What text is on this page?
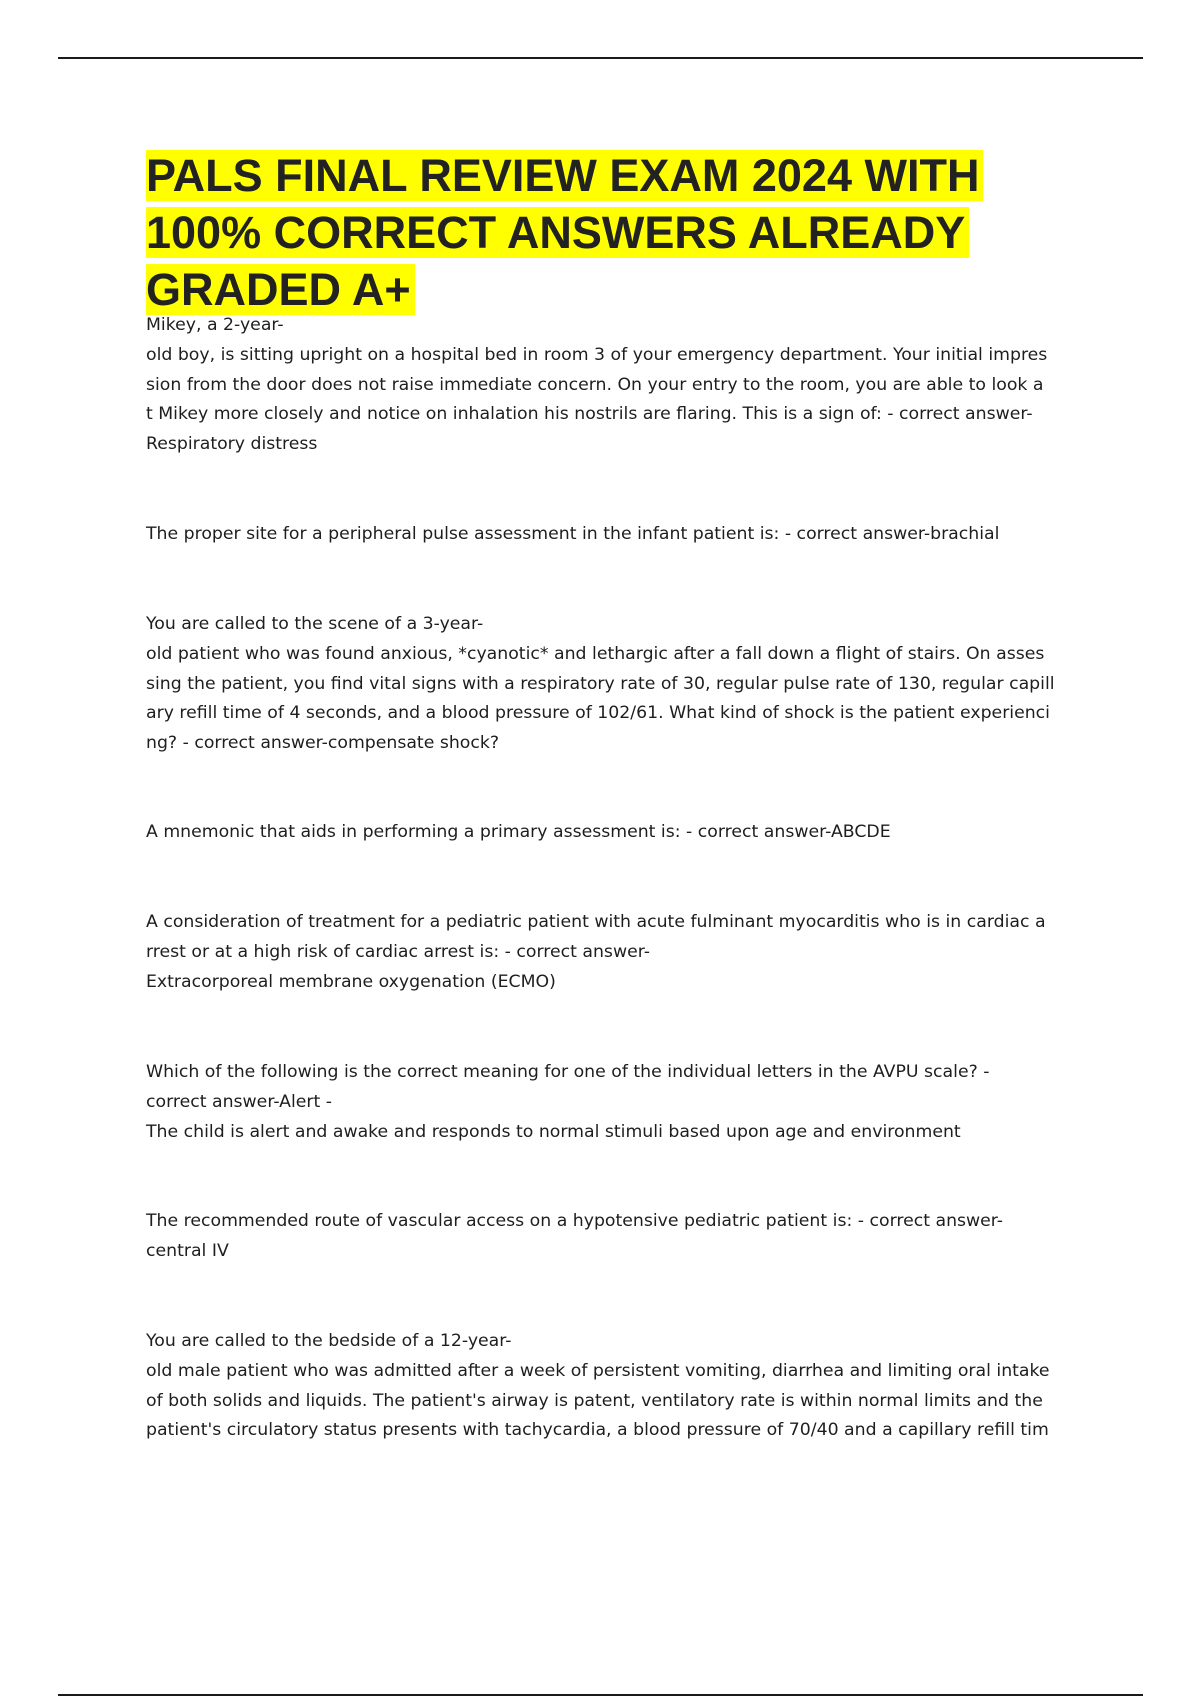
PALS FINAL REVIEW EXAM 2024 WITH 100% CORRECT ANSWERS ALREADY GRADED A+

Mikey, a 2-year-
old boy, is sitting upright on a hospital bed in room 3 of your emergency department. Your initial impres
sion from the door does not raise immediate concern. On your entry to the room, you are able to look a
t Mikey more closely and notice on inhalation his nostrils are flaring. This is a sign of: - correct answer-
Respiratory distress

The proper site for a peripheral pulse assessment in the infant patient is: - correct answer-brachial

You are called to the scene of a 3-year-
old patient who was found anxious, *cyanotic* and lethargic after a fall down a flight of stairs. On asses
sing the patient, you find vital signs with a respiratory rate of 30, regular pulse rate of 130, regular capill
ary refill time of 4 seconds, and a blood pressure of 102/61. What kind of shock is the patient experienci
ng? - correct answer-compensate shock?

A mnemonic that aids in performing a primary assessment is: - correct answer-ABCDE

A consideration of treatment for a pediatric patient with acute fulminant myocarditis who is in cardiac a
rrest or at a high risk of cardiac arrest is: - correct answer-
Extracorporeal membrane oxygenation (ECMO)

Which of the following is the correct meaning for one of the individual letters in the AVPU scale? -
correct answer-Alert -
The child is alert and awake and responds to normal stimuli based upon age and environment

The recommended route of vascular access on a hypotensive pediatric patient is: - correct answer-
central IV

You are called to the bedside of a 12-year-
old male patient who was admitted after a week of persistent vomiting, diarrhea and limiting oral intake
of both solids and liquids. The patient's airway is patent, ventilatory rate is within normal limits and the
patient's circulatory status presents with tachycardia, a blood pressure of 70/40 and a capillary refill tim
